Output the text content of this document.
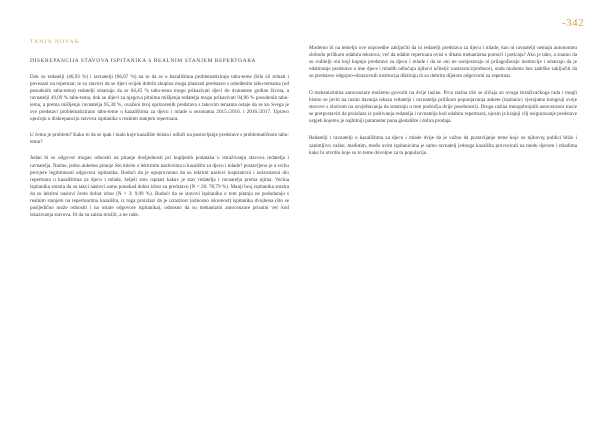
-342
TANJA NOVAK
DISKREPANCIJA STAVOVA ISPITANIKA S REALNIM STANJEM REPERTOARA

Dok su redatelji (46,93 %) i ravnatelji (66,67 %) na to da se u kazalištima problematiziraju tabu-teme (bile sli relnati i povezani na repertoar, te su stavovi da se djeci uvijek dobrih skupina moga plasirati predstave s određenim tabu-temama (od posudenih tabu-tema) redatelji smatraju da se 64,45 % tabu-tema mogu prikazivati djeci do dvanaeste godine života, a ravnatelji 49,09 % tabu-tema, dok se dijeci za njegova pitnima mišljenja redatelja mogu prikazivati 94,96 % posudenih tabu-tema, a prema mišljenju ravnatelja 95,30 %, uvaženi broj uprizorenih predstava s takovim temama ostaje da se ko Svega je sve predstavi problematizirano tabu-teme u kazalištima za djecu i mlade u sezonama 2015./2016. i 2016./2017. Upravo upućuju u diskrepanciju stavova ispitanika s realnim stanjem repertoara.

U čemu je problem? Kako to da se ipak i malo koje kazalište doista i odluči na postavljanje predstave s problematičnom tabu-temu?

Jedan bi se odgovor mogao odnositi na pitanje dosljednosti pri kupljenih podataka u istraživanju stavova redatelja i ravnatelja. Naime, jedno anketno pitanje Sto misite o lektirnim naslovima u kazalištu za djecu i mlade? postavljeno je u svrhu provjere legitimnosti odgovora ispitanika. Budući da je opoprovanno da su lektirni naslovi inspirativni i neizostavni dio repertoara u kazalištima za djecu i mlade, željeli smo ispitati kakav je stav redatelja i ravnatelja prema njima. Većina ispitanika smatra da su takvi naslovi samo ponekad dobar izbor za predstavu (N = 26; 78,79 %). Manji broj ispitanika smatra da su lektirni naslovi često dobar izbor (N = 3; 9,09 %). Budući da se stavovi ispitanika o tom pitanju ne podudaraju s realnim stanjem na repertoarima kazališta, iz toga proizlazi da je izrazitost (odnosno iskrenost) ispitanika dvojbena (što se posljedično može odnositi i na ostale odgovore ispitanika), odnosno da su mehanizmi autocenzure prisutni već kod iskazivanja stavova. Ili da su zaista mislili, a ne rade.

Moderno bi na temelju ove usporedbe zaključiti da ni redatelji predstava za djecu i mlade, kao ni ravnatelji nemaju autonomnu slobodu prilikom odabira tekstova, već da odabir repertoara ovisi o dikatu mehanizma pomoći i poticaja? Ako je tako, a znamo da su roditelji oni koji kupuju predstave za djecu i mlade i da se oni ne usmjeravaju ni prilagođavaju institucije i smatraju da je odabiranje predstave u ime djece i mladih odlučuju njihovi učitelji/ nastavnici/profesori, onda možemo bez zadrške zaključiti da su predstave odgojno-obrazovnih institucija diktiraju ih su dobrim dijelom odgovorni za repertoar.

O mehanizmima autocenzure možemo govoriti na dvije razine. Prva razina tiče se sličaja zo ovoga istraživačkoga rada i mogli bismo se javiti na razini davanja iskaza redatelja i ravnatelja prilikom popunjavanja ankete (ispitanici vjerojatno kongruji svoje stavove s obzirom na osvještavanja da smatraju u tom područja dvije posebnosti). Druga razina mnogobrojnih autocenzura moće se pretpostaviti da proizlaze iz poštivanja redatelja i ravnatelja kod odabira repertoara, njezin je krajnji cilj osiguravanje predstave uspjeh kojemu je najbitniji parametar punа gledalište i dobra prodaja.

Redatelji i ravnatelji u kazalištima za djecu i mlade dvije da je važno da postavljanje teme koje su njihovoj publici bliže i zanimljivo važne, međutim, među ovim ispitanicima je samo ravnatelj jednoga kazališta provocirali na medu djecom i mladima kako bi utvrdio koje su to teme dovoljne za tu populaciju.
